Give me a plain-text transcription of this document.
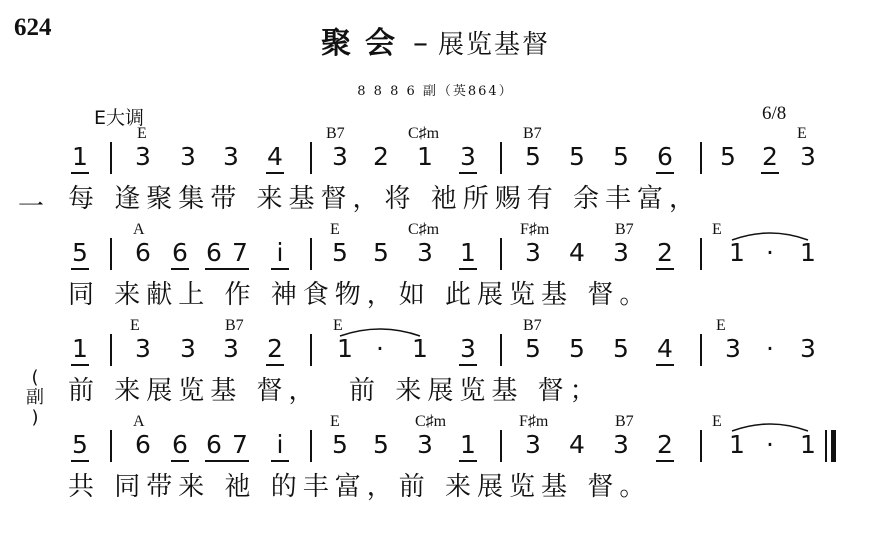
624	聚会 – 展览基督
8 8 8 6 副（英864）
E大调	6/8
一
(
副
)
E	B7	C♯m	B7	E
1 3 3 3 4 3 2 1 3 5 5 5 6 5 2 3
每 逢聚集带 来基督，将 祂所赐有 余丰富，
A	E	C♯m	F♯m	B7	E
5 6 6 6 7 i 5 5 3 1 3 4 3 2 1 · 1
同 来献上 作 神食物，如 此展览基 督。
E	B7	E	B7	E
1 3 3 3 2 1 · 1 3 5 5 5 4 3 · 3
前 来展览基 督，  前 来展览基 督；
A	E	C♯m	F♯m	B7	E
5 6 6 6 7 i 5 5 3 1 3 4 3 2 1 · 1
共 同带来 祂 的丰富，前 来展览基 督。
